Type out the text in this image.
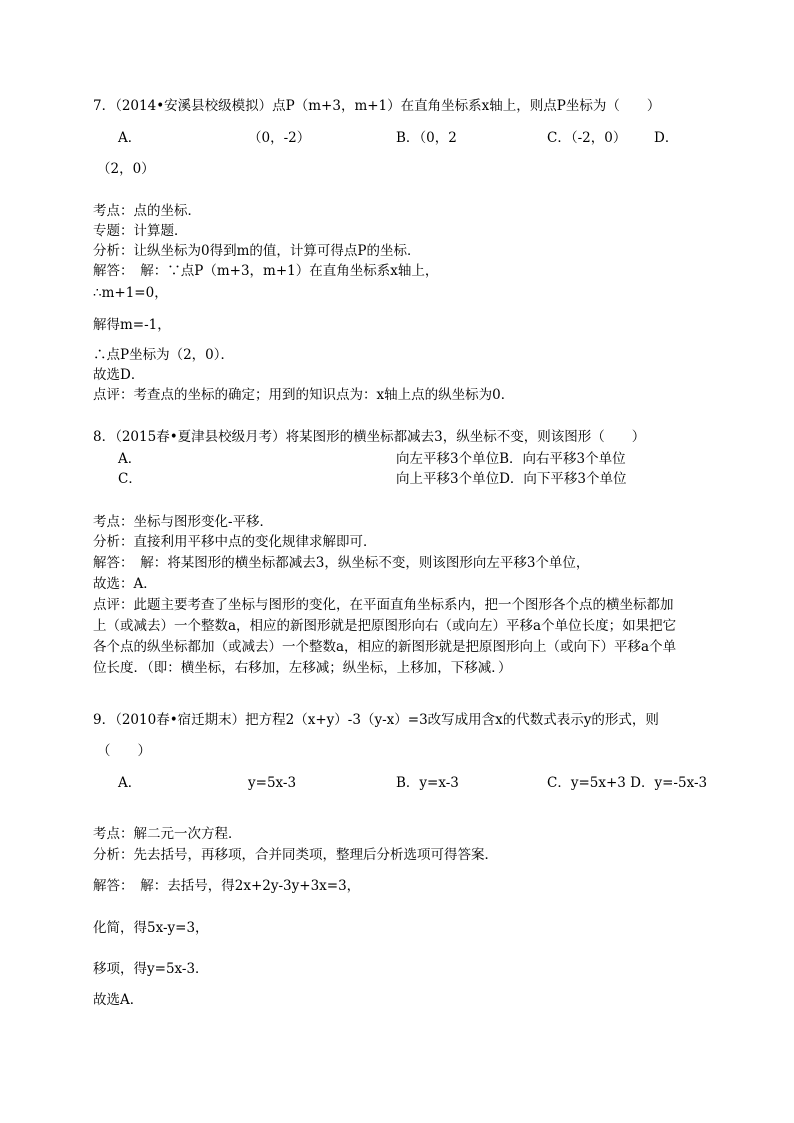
7．（2014•安溪县校级模拟）点P（m+3，m+1）在直角坐标系x轴上，则点P坐标为（　　）
A．	（0，-2）	B．（0，2	C．（-2，0） D．
（2，0）
考点：点的坐标．
专题：计算题．
分析：让纵坐标为0得到m的值，计算可得点P的坐标．
解答：　解：∵点P（m+3，m+1）在直角坐标系x轴上，
∴m+1=0，
解得m=-1，
∴点P坐标为（2，0）．
故选D．
点评：考查点的坐标的确定；用到的知识点为：x轴上点的纵坐标为0．
8．（2015春•夏津县校级月考）将某图形的横坐标都减去3，纵坐标不变，则该图形（　　）
A．	向左平移3个单位B．向右平移3个单位
C．	向上平移3个单位D．向下平移3个单位
考点：坐标与图形变化-平移．
分析：直接利用平移中点的变化规律求解即可．
解答：　解：将某图形的横坐标都减去3，纵坐标不变，则该图形向左平移3个单位，
故选：A．
点评：此题主要考查了坐标与图形的变化，在平面直角坐标系内，把一个图形各个点的横坐标都加
上（或减去）一个整数a，相应的新图形就是把原图形向右（或向左）平移a个单位长度；如果把它
各个点的纵坐标都加（或减去）一个整数a，相应的新图形就是把原图形向上（或向下）平移a个单
位长度．（即：横坐标，右移加，左移减；纵坐标，上移加，下移减．）
9．（2010春•宿迁期末）把方程2（x+y）-3（y-x）=3改写成用含x的代数式表示y的形式，则
（　　）
A．	y=5x-3	B．y=x-3	C．y=5x+3 D．y=-5x-3
考点：解二元一次方程．
分析：先去括号，再移项，合并同类项，整理后分析选项可得答案．
解答：　解：去括号，得2x+2y-3y+3x=3，
化简，得5x-y=3，
移项，得y=5x-3．
故选A．
